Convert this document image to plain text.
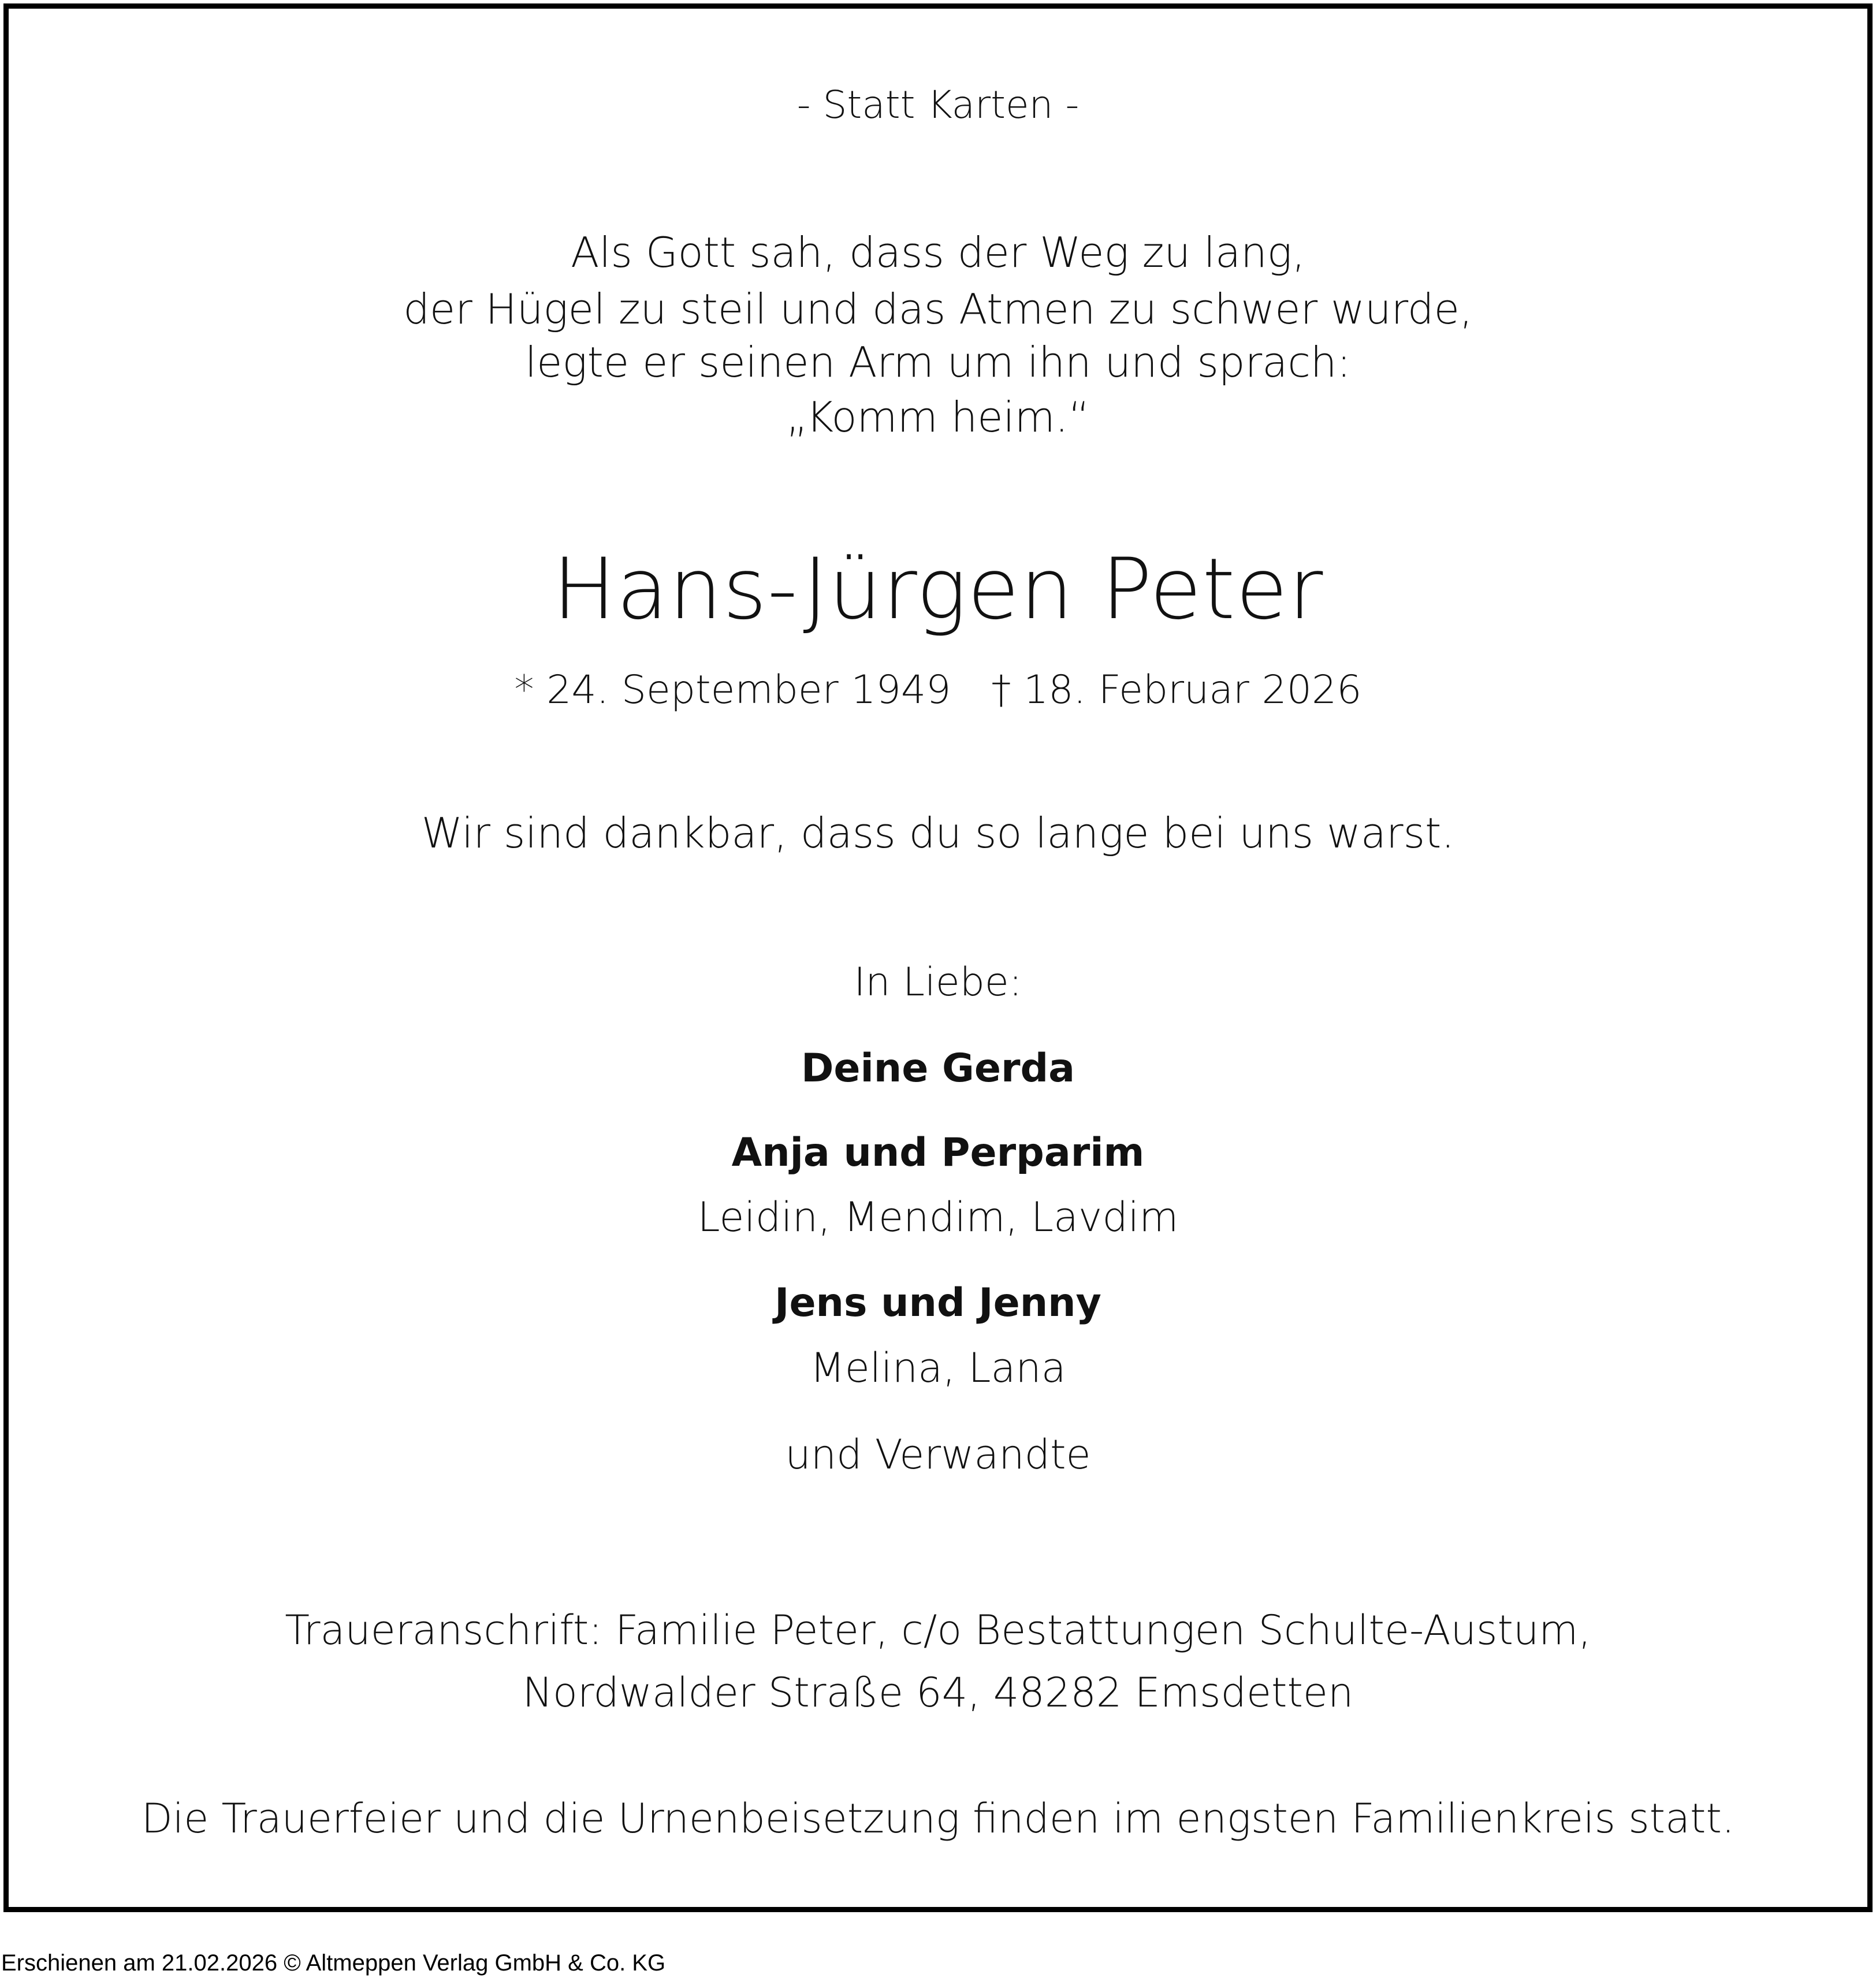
- Statt Karten -
Als Gott sah, dass der Weg zu lang,
der Hügel zu steil und das Atmen zu schwer wurde,
legte er seinen Arm um ihn und sprach:
„Komm heim.“
Hans-Jürgen Peter
* 24. September 1949 † 18. Februar 2026
Wir sind dankbar, dass du so lange bei uns warst.
In Liebe:
Deine Gerda
Anja und Perparim
Leidin, Mendim, Lavdim
Jens und Jenny
Melina, Lana
und Verwandte
Traueranschrift: Familie Peter, c/o Bestattungen Schulte-Austum,
Nordwalder Straße 64, 48282 Emsdetten
Die Trauerfeier und die Urnenbeisetzung finden im engsten Familienkreis statt.
Erschienen am 21.02.2026 © Altmeppen Verlag GmbH & Co. KG
